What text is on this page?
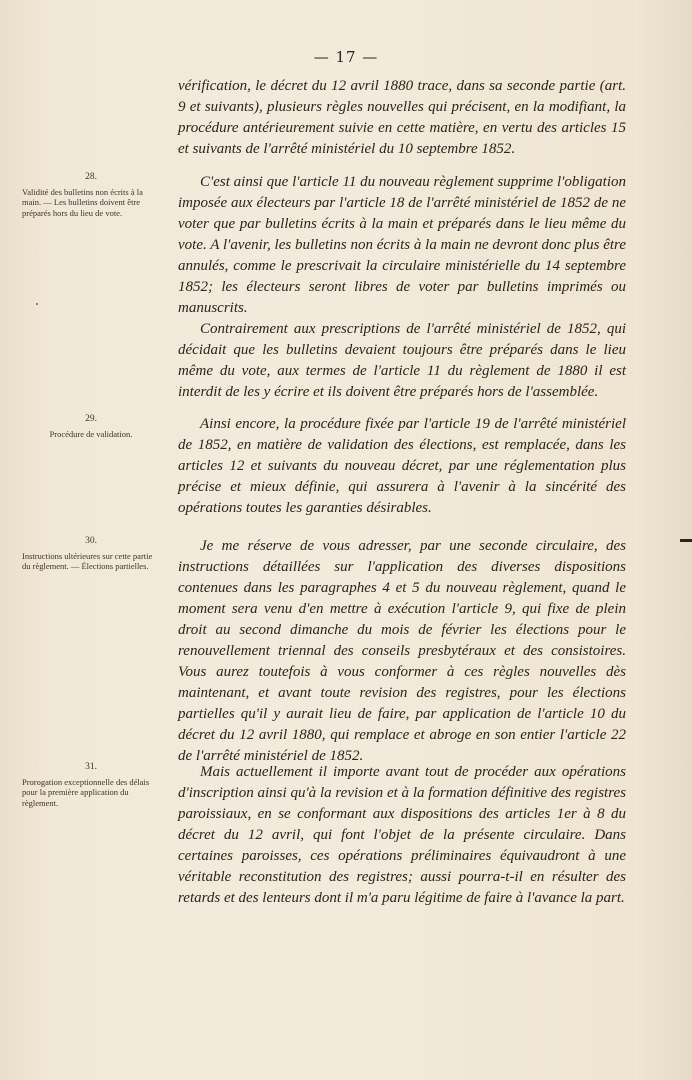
— 17 —
28.
Validité des bulletins non écrits à la main. — Les bulletins doivent être préparés hors du lieu de vote.
29.
Procédure de validation.
30.
Instructions ultérieures sur cette partie du règlement. — Élections partielles.
31.
Prorogation exceptionnelle des délais pour la première application du règlement.

vérification, le décret du 12 avril 1880 trace, dans sa seconde partie (art. 9 et suivants), plusieurs règles nouvelles qui précisent, en la modifiant, la procédure antérieurement suivie en cette matière, en vertu des articles 15 et suivants de l'arrêté ministériel du 10 septembre 1852.

C'est ainsi que l'article 11 du nouveau règlement supprime l'obligation imposée aux électeurs par l'article 18 de l'arrêté ministériel de 1852 de ne voter que par bulletins écrits à la main et préparés dans le lieu même du vote. A l'avenir, les bulletins non écrits à la main ne devront donc plus être annulés, comme le prescrivait la circulaire ministérielle du 14 septembre 1852; les électeurs seront libres de voter par bulletins imprimés ou manuscrits.

Contrairement aux prescriptions de l'arrêté ministériel de 1852, qui décidait que les bulletins devaient toujours être préparés dans le lieu même du vote, aux termes de l'article 11 du règlement de 1880 il est interdit de les y écrire et ils doivent être préparés hors de l'assemblée.

Ainsi encore, la procédure fixée par l'article 19 de l'arrêté ministériel de 1852, en matière de validation des élections, est remplacée, dans les articles 12 et suivants du nouveau décret, par une réglementation plus précise et mieux définie, qui assurera à l'avenir à la sincérité des opérations toutes les garanties désirables.

Je me réserve de vous adresser, par une seconde circulaire, des instructions détaillées sur l'application des diverses dispositions contenues dans les paragraphes 4 et 5 du nouveau règlement, quand le moment sera venu d'en mettre à exécution l'article 9, qui fixe de plein droit au second dimanche du mois de février les élections pour le renouvellement triennal des conseils presbytéraux et des consistoires. Vous aurez toutefois à vous conformer à ces règles nouvelles dès maintenant, et avant toute revision des registres, pour les élections partielles qu'il y aurait lieu de faire, par application de l'article 10 du décret du 12 avril 1880, qui remplace et abroge en son entier l'article 22 de l'arrêté ministériel de 1852.

Mais actuellement il importe avant tout de procéder aux opérations d'inscription ainsi qu'à la revision et à la formation définitive des registres paroissiaux, en se conformant aux dispositions des articles 1er à 8 du décret du 12 avril, qui font l'objet de la présente circulaire. Dans certaines paroisses, ces opérations préliminaires équivaudront à une véritable reconstitution des registres; aussi pourra-t-il en résulter des retards et des lenteurs dont il m'a paru légitime de faire à l'avance la part.
